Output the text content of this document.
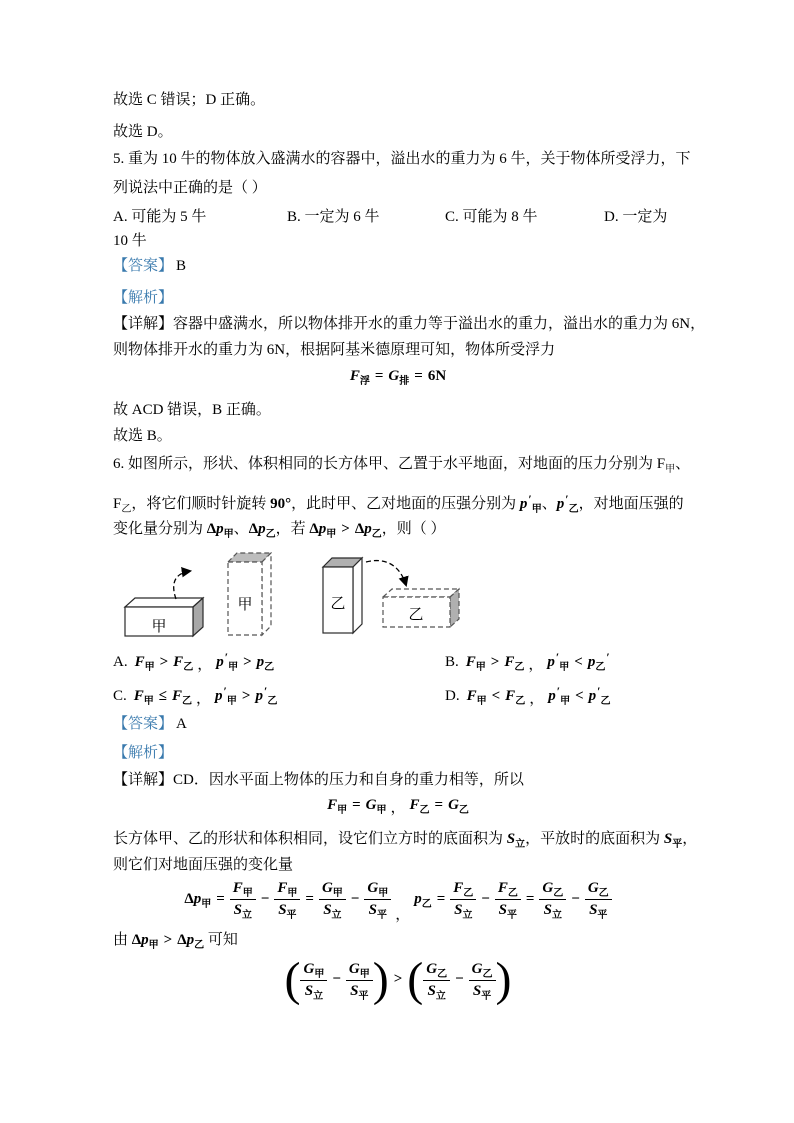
故选 C 错误；D 正确。

故选 D。

5. 重为 10 牛的物体放入盛满水的容器中，溢出水的重力为 6 牛，关于物体所受浮力，下

列说法中正确的是（ ）

A. 可能为 5 牛	B. 一定为 6 牛	C. 可能为 8 牛	D. 一定为

10 牛

【答案】 B

【解析】

【详解】容器中盛满水，所以物体排开水的重力等于溢出水的重力，溢出水的重力为 6N，

则物体排开水的重力为 6N，根据阿基米德原理可知，物体所受浮力

$F_浮 = G_排 = 6N$

故 ACD 错误，B 正确。

故选 B。

6. 如图所示，形状、体积相同的长方体甲、乙置于水平地面，对地面的压力分别为 $F_甲$、

$F_乙$，将它们顺时针旋转 90°，此时甲、乙对地面的压强分别为 $p'_甲$、$p'_乙$，对地面压强的

变化量分别为 $\Delta p_甲$、$\Delta p_乙$，若 $\Delta p_甲 > \Delta p_乙$，则（ ）

甲
甲	乙
乙
A. $F_甲 > F_乙$ ， $p'_甲 > p_乙$	B. $F_甲 > F_乙$ ， $p'_甲 < p_乙'$
C. $F_甲 \le F_乙$ ， $p'_甲 > p'_乙$	D. $F_甲 < F_乙$ ， $p'_甲 < p'_乙$

【答案】 A

【解析】

【详解】CD．因水平面上物体的压力和自身的重力相等，所以

$F_甲 = G_甲$ ， $F_乙 = G_乙$

长方体甲、乙的形状和体积相同，设它们立方时的底面积为 $S_立$，平放时的底面积为 $S_平$，

则它们对地面压强的变化量

$\Delta p_甲 = \frac{F_甲}{S_立} - \frac{F_甲}{S_平} = \frac{G_甲}{S_立} - \frac{G_甲}{S_平}$ ，$p_乙 = \frac{F_乙}{S_立} - \frac{F_乙}{S_平} = \frac{G_乙}{S_立} - \frac{G_乙}{S_平}$

由 $\Delta p_甲 > \Delta p_乙$ 可知

( $\frac{G_甲}{S_立} - \frac{G_甲}{S_平}$ ) > ( $\frac{G_乙}{S_立} - \frac{G_乙}{S_平}$ )
